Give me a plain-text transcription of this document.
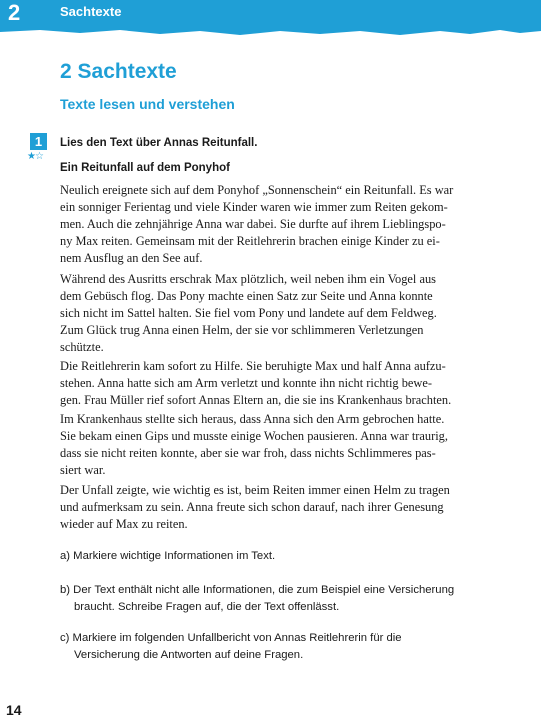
2	Sachtexte
2 Sachtexte
Texte lesen und verstehen
1
★☆
Lies den Text über Annas Reitunfall.
Ein Reitunfall auf dem Ponyhof
Neulich ereignete sich auf dem Ponyhof „Sonnenschein“ ein Reitunfall. Es war
ein sonniger Ferientag und viele Kinder waren wie immer zum Reiten gekom-
men. Auch die zehnjährige Anna war dabei. Sie durfte auf ihrem Lieblingspo-
ny Max reiten. Gemeinsam mit der Reitlehrerin brachen einige Kinder zu ei-
nem Ausflug an den See auf.
Während des Ausritts erschrak Max plötzlich, weil neben ihm ein Vogel aus
dem Gebüsch flog. Das Pony machte einen Satz zur Seite und Anna konnte
sich nicht im Sattel halten. Sie fiel vom Pony und landete auf dem Feldweg.
Zum Glück trug Anna einen Helm, der sie vor schlimmeren Verletzungen
schützte.
Die Reitlehrerin kam sofort zu Hilfe. Sie beruhigte Max und half Anna aufzu-
stehen. Anna hatte sich am Arm verletzt und konnte ihn nicht richtig bewe-
gen. Frau Müller rief sofort Annas Eltern an, die sie ins Krankenhaus brachten.
Im Krankenhaus stellte sich heraus, dass Anna sich den Arm gebrochen hatte.
Sie bekam einen Gips und musste einige Wochen pausieren. Anna war traurig,
dass sie nicht reiten konnte, aber sie war froh, dass nichts Schlimmeres pas-
siert war.
Der Unfall zeigte, wie wichtig es ist, beim Reiten immer einen Helm zu tragen
und aufmerksam zu sein. Anna freute sich schon darauf, nach ihrer Genesung
wieder auf Max zu reiten.
a) Markiere wichtige Informationen im Text.
b) Der Text enthält nicht alle Informationen, die zum Beispiel eine Versicherung
braucht. Schreibe Fragen auf, die der Text offenlässt.
c) Markiere im folgenden Unfallbericht von Annas Reitlehrerin für die
Versicherung die Antworten auf deine Fragen.
14
